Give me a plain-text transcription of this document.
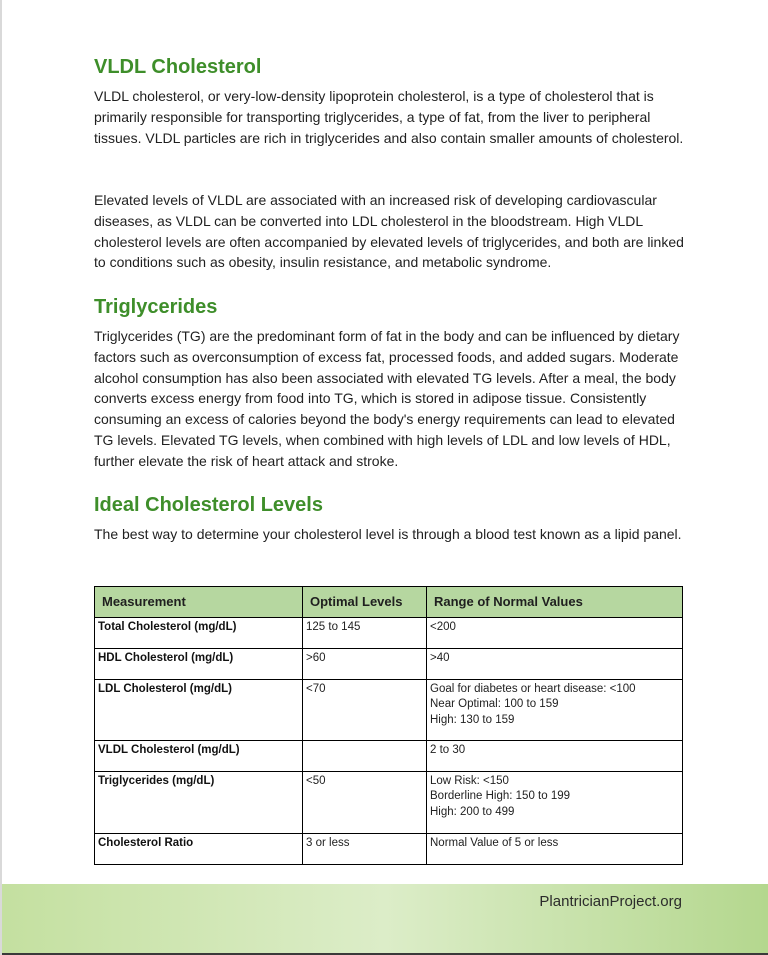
VLDL Cholesterol

VLDL cholesterol, or very-low-density lipoprotein cholesterol, is a type of cholesterol that is primarily responsible for transporting triglycerides, a type of fat, from the liver to peripheral tissues. VLDL particles are rich in triglycerides and also contain smaller amounts of cholesterol.

Elevated levels of VLDL are associated with an increased risk of developing cardiovascular diseases, as VLDL can be converted into LDL cholesterol in the bloodstream. High VLDL cholesterol levels are often accompanied by elevated levels of triglycerides, and both are linked to conditions such as obesity, insulin resistance, and metabolic syndrome.

Triglycerides

Triglycerides (TG) are the predominant form of fat in the body and can be influenced by dietary factors such as overconsumption of excess fat, processed foods, and added sugars. Moderate alcohol consumption has also been associated with elevated TG levels. After a meal, the body converts excess energy from food into TG, which is stored in adipose tissue. Consistently consuming an excess of calories beyond the body's energy requirements can lead to elevated TG levels. Elevated TG levels, when combined with high levels of LDL and low levels of HDL, further elevate the risk of heart attack and stroke.

Ideal Cholesterol Levels

The best way to determine your cholesterol level is through a blood test known as a lipid panel.

Measurement	Optimal Levels	Range of Normal Values
Total Cholesterol (mg/dL)	125 to 145	<200

HDL Cholesterol (mg/dL)	>60	>40

LDL Cholesterol (mg/dL)	<70	Goal for diabetes or heart disease: <100
Near Optimal: 100 to 159
High: 130 to 159

VLDL Cholesterol (mg/dL)		2 to 30

Triglycerides (mg/dL)	<50	Low Risk: <150
Borderline High: 150 to 199
High: 200 to 499

Cholesterol Ratio	3 or less	Normal Value of 5 or less
PlantricianProject.org
